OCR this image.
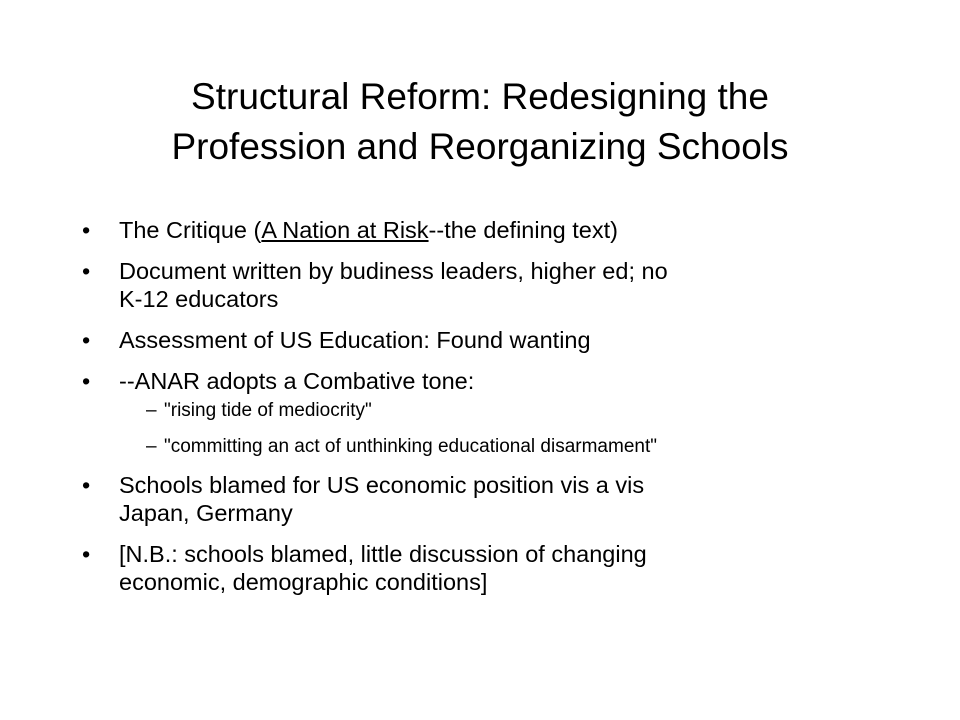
Structural Reform: Redesigning the
Profession and Reorganizing Schools
•	The Critique (A Nation at Risk--the defining text)
•	Document written by budiness leaders, higher ed; no
K-12 educators
•	Assessment of US Education: Found wanting
•	--ANAR adopts a Combative tone:
– "rising tide of mediocrity"
– "committing an act of unthinking educational disarmament"
•	Schools blamed for US economic position vis a vis
Japan, Germany
•	[N.B.: schools blamed, little discussion of changing
economic, demographic conditions]
